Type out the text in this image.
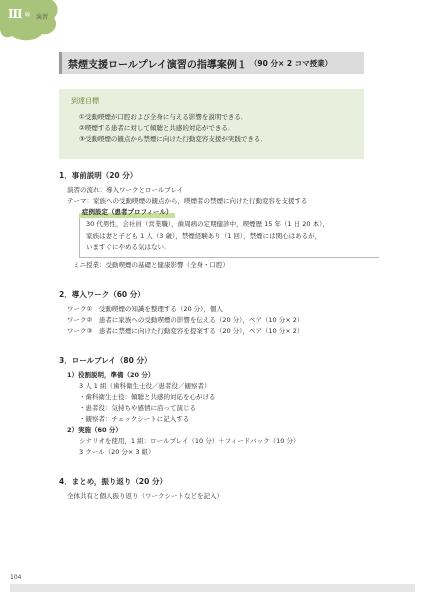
Ⅲ 編 演習
禁煙支援ロールプレイ演習の指導案例１ （90 分× 2 コマ授業）
到達目標
①受動喫煙が口腔および全身に与える影響を説明できる．
②喫煙する患者に対して傾聴と共感的対応ができる．
③受動喫煙の観点から禁煙に向けた行動変容支援が実践できる．
1．事前説明（20 分）
演習の流れ：導入ワークとロールプレイ
テーマ：家族への受動喫煙の観点から，喫煙者の禁煙に向けた行動変容を支援する
症例設定（患者プロフィール）
30 代男性，会社員（営業職），歯周病の定期健診中，喫煙歴 15 年（1 日 20 本），
家族は妻と子ども 1 人（3 歳），禁煙経験あり（1 回），禁煙には関心はあるが，
いますぐにやめる気はない．
ミニ授業：受動喫煙の基礎と健康影響（全身・口腔）
2．導入ワーク（60 分）
ワーク①　受動喫煙の知識を整理する（20 分），個人
ワーク②　患者に家族への受動喫煙の影響を伝える（20 分），ペア（10 分× 2）
ワーク③　患者に禁煙に向けた行動変容を提案する（20 分），ペア（10 分× 2）
3．ロールプレイ（80 分）
1）役割説明，準備（20 分）
3 人 1 組（歯科衛生士役／患者役／観察者）
・歯科衛生士役：傾聴と共感的対応を心がける
・患者役：気持ちや感情に沿って演じる
・観察者：チェックシートに記入する
2）実施（60 分）
シナリオを使用，1 組：ロールプレイ（10 分）＋フィードバック（10 分）
3 クール（20 分× 3 組）
4．まとめ，振り返り（20 分）
全体共有と個人振り返り（ワークシートなどを記入）
104
